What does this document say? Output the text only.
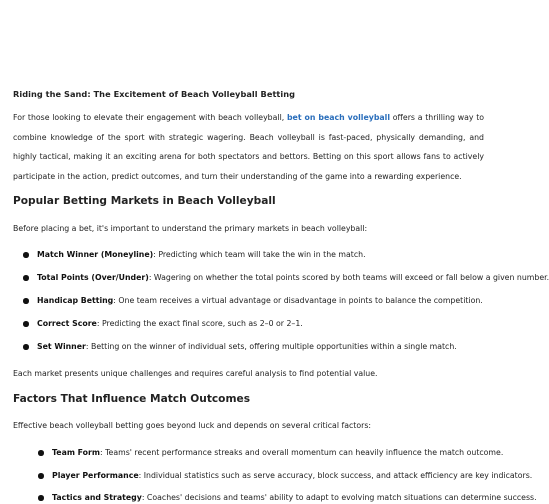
Riding the Sand: The Excitement of Beach Volleyball Betting

For those looking to elevate their engagement with beach volleyball, bet on beach volleyball offers a thrilling way to combine knowledge of the sport with strategic wagering. Beach volleyball is fast-paced, physically demanding, and highly tactical, making it an exciting arena for both spectators and bettors. Betting on this sport allows fans to actively participate in the action, predict outcomes, and turn their understanding of the game into a rewarding experience.

Popular Betting Markets in Beach Volleyball

Before placing a bet, it's important to understand the primary markets in beach volleyball:

Match Winner (Moneyline): Predicting which team will take the win in the match.
Total Points (Over/Under): Wagering on whether the total points scored by both teams will exceed or fall below a given number.
Handicap Betting: One team receives a virtual advantage or disadvantage in points to balance the competition.
Correct Score: Predicting the exact final score, such as 2–0 or 2–1.
Set Winner: Betting on the winner of individual sets, offering multiple opportunities within a single match.

Each market presents unique challenges and requires careful analysis to find potential value.

Factors That Influence Match Outcomes

Effective beach volleyball betting goes beyond luck and depends on several critical factors:

Team Form: Teams' recent performance streaks and overall momentum can heavily influence the match outcome.
Player Performance: Individual statistics such as serve accuracy, block success, and attack efficiency are key indicators.
Tactics and Strategy: Coaches' decisions and teams' ability to adapt to evolving match situations can determine success.
